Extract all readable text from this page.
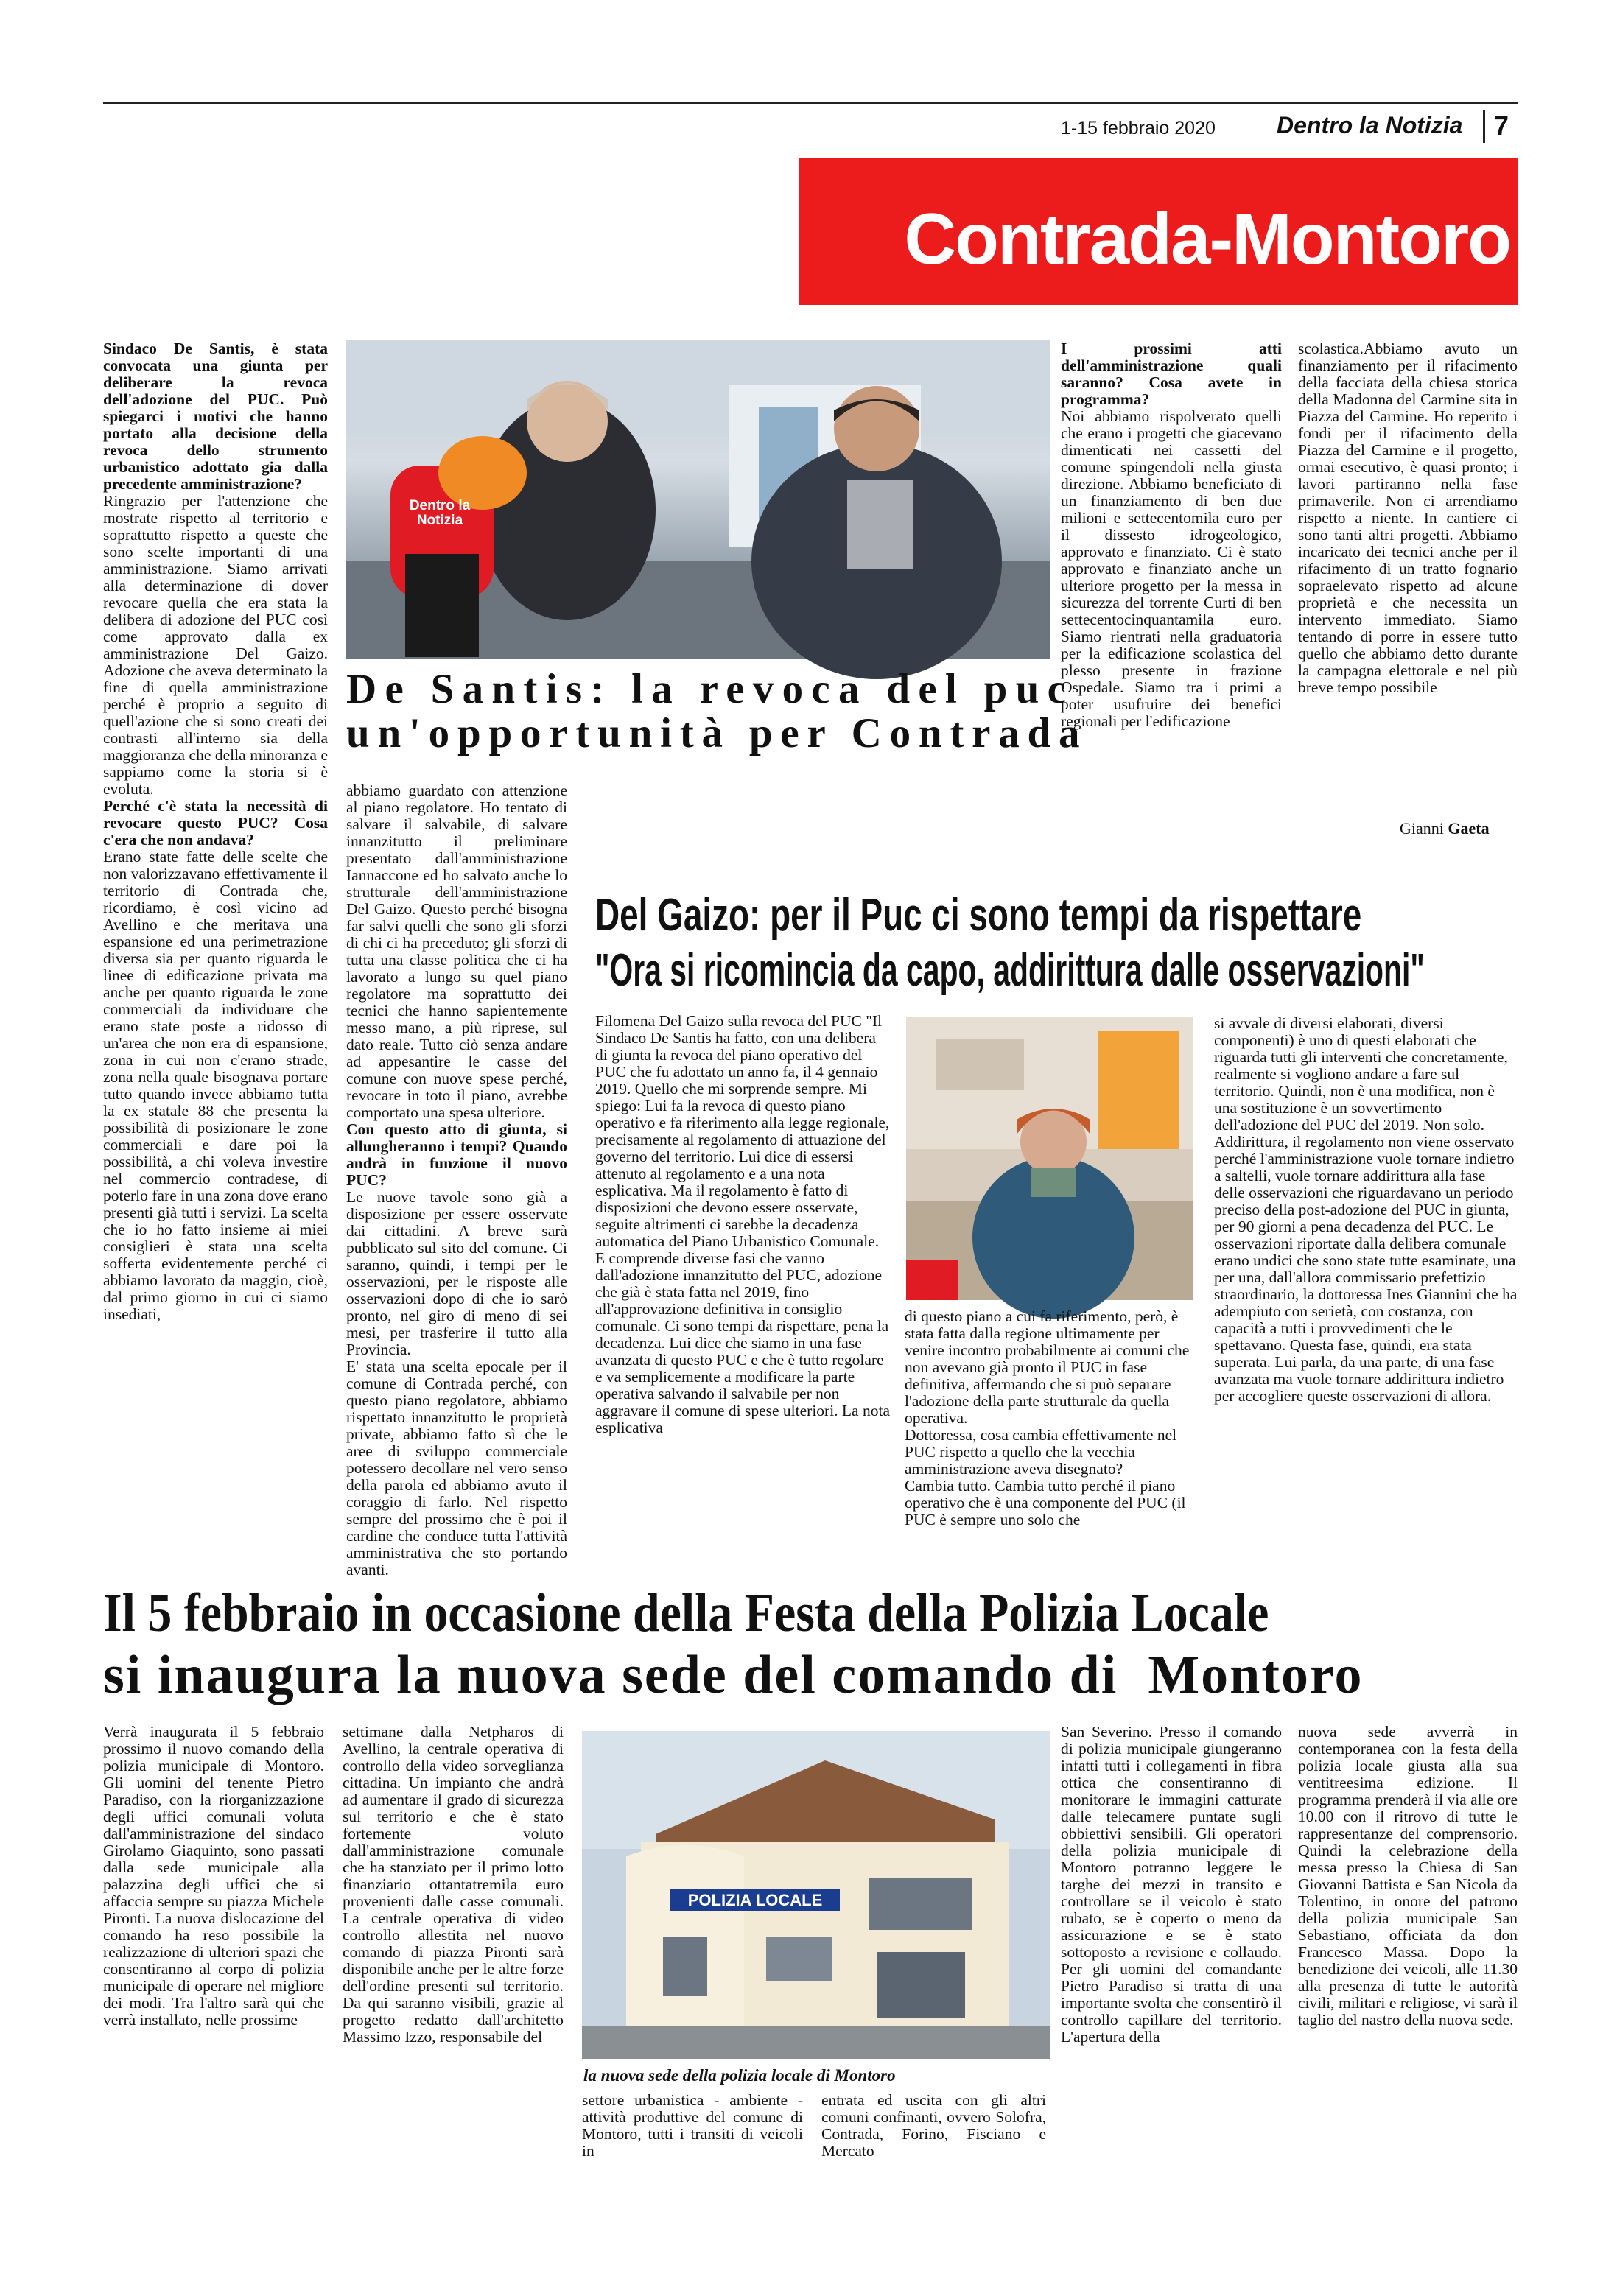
1-15 febbraio 2020	Dentro la Notizia 7
Contrada-Montoro

Sindaco De Santis, è stata convocata una giunta per deliberare la revoca dell'adozione del PUC. Può spiegarci i motivi che hanno portato alla decisione della revoca dello strumento urbanistico adottato gia dalla precedente amministrazione?

Ringrazio per l'attenzione che mostrate rispetto al territorio e soprattutto rispetto a queste che sono scelte importanti di una amministrazione. Siamo arrivati alla determinazione di dover revocare quella che era stata la delibera di adozione del PUC così come approvato dalla ex amministrazione Del Gaizo. Adozione che aveva determinato la fine di quella amministrazione perché è proprio a seguito di quell'azione che si sono creati dei contrasti all'interno sia della maggioranza che della minoranza e sappiamo come la storia si è evoluta.

Perché c'è stata la necessità di revocare questo PUC? Cosa c'era che non andava?

Erano state fatte delle scelte che non valorizzavano effettivamente il territorio di Contrada che, ricordiamo, è così vicino ad Avellino e che meritava una espansione ed una perimetrazione diversa sia per quanto riguarda le linee di edificazione privata ma anche per quanto riguarda le zone commerciali da individuare che erano state poste a ridosso di un'area che non era di espansione, zona in cui non c'erano strade, zona nella quale bisognava portare tutto quando invece abbiamo tutta la ex statale 88 che presenta la possibilità di posizionare le zone commerciali e dare poi la possibilità, a chi voleva investire nel commercio contradese, di poterlo fare in una zona dove erano presenti già tutti i servizi. La scelta che io ho fatto insieme ai miei consiglieri è stata una scelta sofferta evidentemente perché ci abbiamo lavorato da maggio, cioè, dal primo giorno in cui ci siamo insediati,

Dentro la Notizia
De Santis: la revoca del puc
un'opportunità per Contrada

abbiamo guardato con attenzione al piano regolatore. Ho tentato di salvare il salvabile, di salvare innanzitutto il preliminare presentato dall'amministrazione Iannaccone ed ho salvato anche lo strutturale dell'amministrazione Del Gaizo. Questo perché bisogna far salvi quelli che sono gli sforzi di chi ci ha preceduto; gli sforzi di tutta una classe politica che ci ha lavorato a lungo su quel piano regolatore ma soprattutto dei tecnici che hanno sapientemente messo mano, a più riprese, sul dato reale. Tutto ciò senza andare ad appesantire le casse del comune con nuove spese perché, revocare in toto il piano, avrebbe comportato una spesa ulteriore.

Con questo atto di giunta, si allungheranno i tempi? Quando andrà in funzione il nuovo PUC?

Le nuove tavole sono già a disposizione per essere osservate dai cittadini. A breve sarà pubblicato sul sito del comune. Ci saranno, quindi, i tempi per le osservazioni, per le risposte alle osservazioni dopo di che io sarò pronto, nel giro di meno di sei mesi, per trasferire il tutto alla Provincia.

E' stata una scelta epocale per il comune di Contrada perché, con questo piano regolatore, abbiamo rispettato innanzitutto le proprietà private, abbiamo fatto sì che le aree di sviluppo commerciale potessero decollare nel vero senso della parola ed abbiamo avuto il coraggio di farlo. Nel rispetto sempre del prossimo che è poi il cardine che conduce tutta l'attività amministrativa che sto portando avanti.

I prossimi atti dell'amministrazione quali saranno? Cosa avete in programma?

Noi abbiamo rispolverato quelli che erano i progetti che giacevano dimenticati nei cassetti del comune spingendoli nella giusta direzione. Abbiamo beneficiato di un finanziamento di ben due milioni e settecentomila euro per il dissesto idrogeologico, approvato e finanziato. Ci è stato approvato e finanziato anche un ulteriore progetto per la messa in sicurezza del torrente Curti di ben settecentocinquantamila euro. Siamo rientrati nella graduatoria per la edificazione scolastica del plesso presente in frazione Ospedale. Siamo tra i primi a poter usufruire dei benefici regionali per l'edificazione

scolastica.Abbiamo avuto un finanziamento per il rifacimento della facciata della chiesa storica della Madonna del Carmine sita in Piazza del Carmine. Ho reperito i fondi per il rifacimento della Piazza del Carmine e il progetto, ormai esecutivo, è quasi pronto; i lavori partiranno nella fase primaverile. Non ci arrendiamo rispetto a niente. In cantiere ci sono tanti altri progetti. Abbiamo incaricato dei tecnici anche per il rifacimento di un tratto fognario sopraelevato rispetto ad alcune proprietà e che necessita un intervento immediato. Siamo tentando di porre in essere tutto quello che abbiamo detto durante la campagna elettorale e nel più breve tempo possibile

Gianni Gaeta
Del Gaizo: per il Puc ci sono tempi da rispettare
"Ora si ricomincia da capo, addirittura dalle osservazioni"
Filomena Del Gaizo sulla revoca del PUC "Il Sindaco De Santis ha fatto, con una delibera di giunta la revoca del piano operativo del PUC che fu adottato un anno fa, il 4 gennaio 2019. Quello che mi sorprende sempre. Mi spiego: Lui fa la revoca di questo piano operativo e fa riferimento alla legge regionale, precisamente al regolamento di attuazione del governo del territorio. Lui dice di essersi attenuto al regolamento e a una nota esplicativa. Ma il regolamento è fatto di disposizioni che devono essere osservate, seguite altrimenti ci sarebbe la decadenza automatica del Piano Urbanistico Comunale. E comprende diverse fasi che vanno dall'adozione innanzitutto del PUC, adozione che già è stata fatta nel 2019, fino all'approvazione definitiva in consiglio comunale. Ci sono tempi da rispettare, pena la decadenza. Lui dice che siamo in una fase avanzata di questo PUC e che è tutto regolare e va semplicemente a modificare la parte operativa salvando il salvabile per non aggravare il comune di spese ulteriori. La nota esplicativa

di questo piano a cui fa riferimento, però, è stata fatta dalla regione ultimamente per venire incontro probabilmente ai comuni che non avevano già pronto il PUC in fase definitiva, affermando che si può separare l'adozione della parte strutturale da quella operativa.

Dottoressa, cosa cambia effettivamente nel PUC rispetto a quello che la vecchia amministrazione aveva disegnato?

Cambia tutto. Cambia tutto perché il piano operativo che è una componente del PUC (il PUC è sempre uno solo che

si avvale di diversi elaborati, diversi componenti) è uno di questi elaborati che riguarda tutti gli interventi che concretamente, realmente si vogliono andare a fare sul territorio. Quindi, non è una modifica, non è una sostituzione è un sovvertimento dell'adozione del PUC del 2019. Non solo. Addirittura, il regolamento non viene osservato perché l'amministrazione vuole tornare indietro a saltelli, vuole tornare addirittura alla fase delle osservazioni che riguardavano un periodo preciso della post-adozione del PUC in giunta, per 90 giorni a pena decadenza del PUC. Le osservazioni riportate dalla delibera comunale erano undici che sono state tutte esaminate, una per una, dall'allora commissario prefettizio straordinario, la dottoressa Ines Giannini che ha adempiuto con serietà, con costanza, con capacità a tutti i provvedimenti che le spettavano. Questa fase, quindi, era stata superata. Lui parla, da una parte, di una fase avanzata ma vuole tornare addirittura indietro per accogliere queste osservazioni di allora.
Il 5 febbraio in occasione della Festa della Polizia Locale
si inaugura la nuova sede del comando di  Montoro
Verrà inaugurata il 5 febbraio prossimo il nuovo comando della polizia municipale di Montoro. Gli uomini del tenente Pietro Paradiso, con la riorganizzazione degli uffici comunali voluta dall'amministrazione del sindaco Girolamo Giaquinto, sono passati dalla sede municipale alla palazzina degli uffici che si affaccia sempre su piazza Michele Pironti. La nuova dislocazione del comando ha reso possibile la realizzazione di ulteriori spazi che consentiranno al corpo di polizia municipale di operare nel migliore dei modi. Tra l'altro sarà qui che verrà installato, nelle prossime
settimane dalla Netpharos di Avellino, la centrale operativa di controllo della video sorveglianza cittadina. Un impianto che andrà ad aumentare il grado di sicurezza sul territorio e che è stato fortemente voluto dall'amministrazione comunale che ha stanziato per il primo lotto finanziario ottantatremila euro provenienti dalle casse comunali. La centrale operativa di video controllo allestita nel nuovo comando di piazza Pironti sarà disponibile anche per le altre forze dell'ordine presenti sul territorio. Da qui saranno visibili, grazie al progetto redatto dall'architetto Massimo Izzo, responsabile del
POLIZIA LOCALE
la nuova sede della polizia locale di Montoro
settore urbanistica - ambiente - attività produttive del comune di Montoro, tutti i transiti di veicoli in
entrata ed uscita con gli altri comuni confinanti, ovvero Solofra, Contrada, Forino, Fisciano e Mercato
San Severino. Presso il comando di polizia municipale giungeranno infatti tutti i collegamenti in fibra ottica che consentiranno di monitorare le immagini catturate dalle telecamere puntate sugli obbiettivi sensibili. Gli operatori della polizia municipale di Montoro potranno leggere le targhe dei mezzi in transito e controllare se il veicolo è stato rubato, se è coperto o meno da assicurazione e se è stato sottoposto a revisione e collaudo. Per gli uomini del comandante Pietro Paradiso si tratta di una importante svolta che consentirò il controllo capillare del territorio. L'apertura della
nuova sede avverrà in contemporanea con la festa della polizia locale giusta alla sua ventitreesima edizione. Il programma prenderà il via alle ore 10.00 con il ritrovo di tutte le rappresentanze del comprensorio. Quindi la celebrazione della messa presso la Chiesa di San Giovanni Battista e San Nicola da Tolentino, in onore del patrono della polizia municipale San Sebastiano, officiata da don Francesco Massa. Dopo la benedizione dei veicoli, alle 11.30 alla presenza di tutte le autorità civili, militari e religiose, vi sarà il taglio del nastro della nuova sede.
